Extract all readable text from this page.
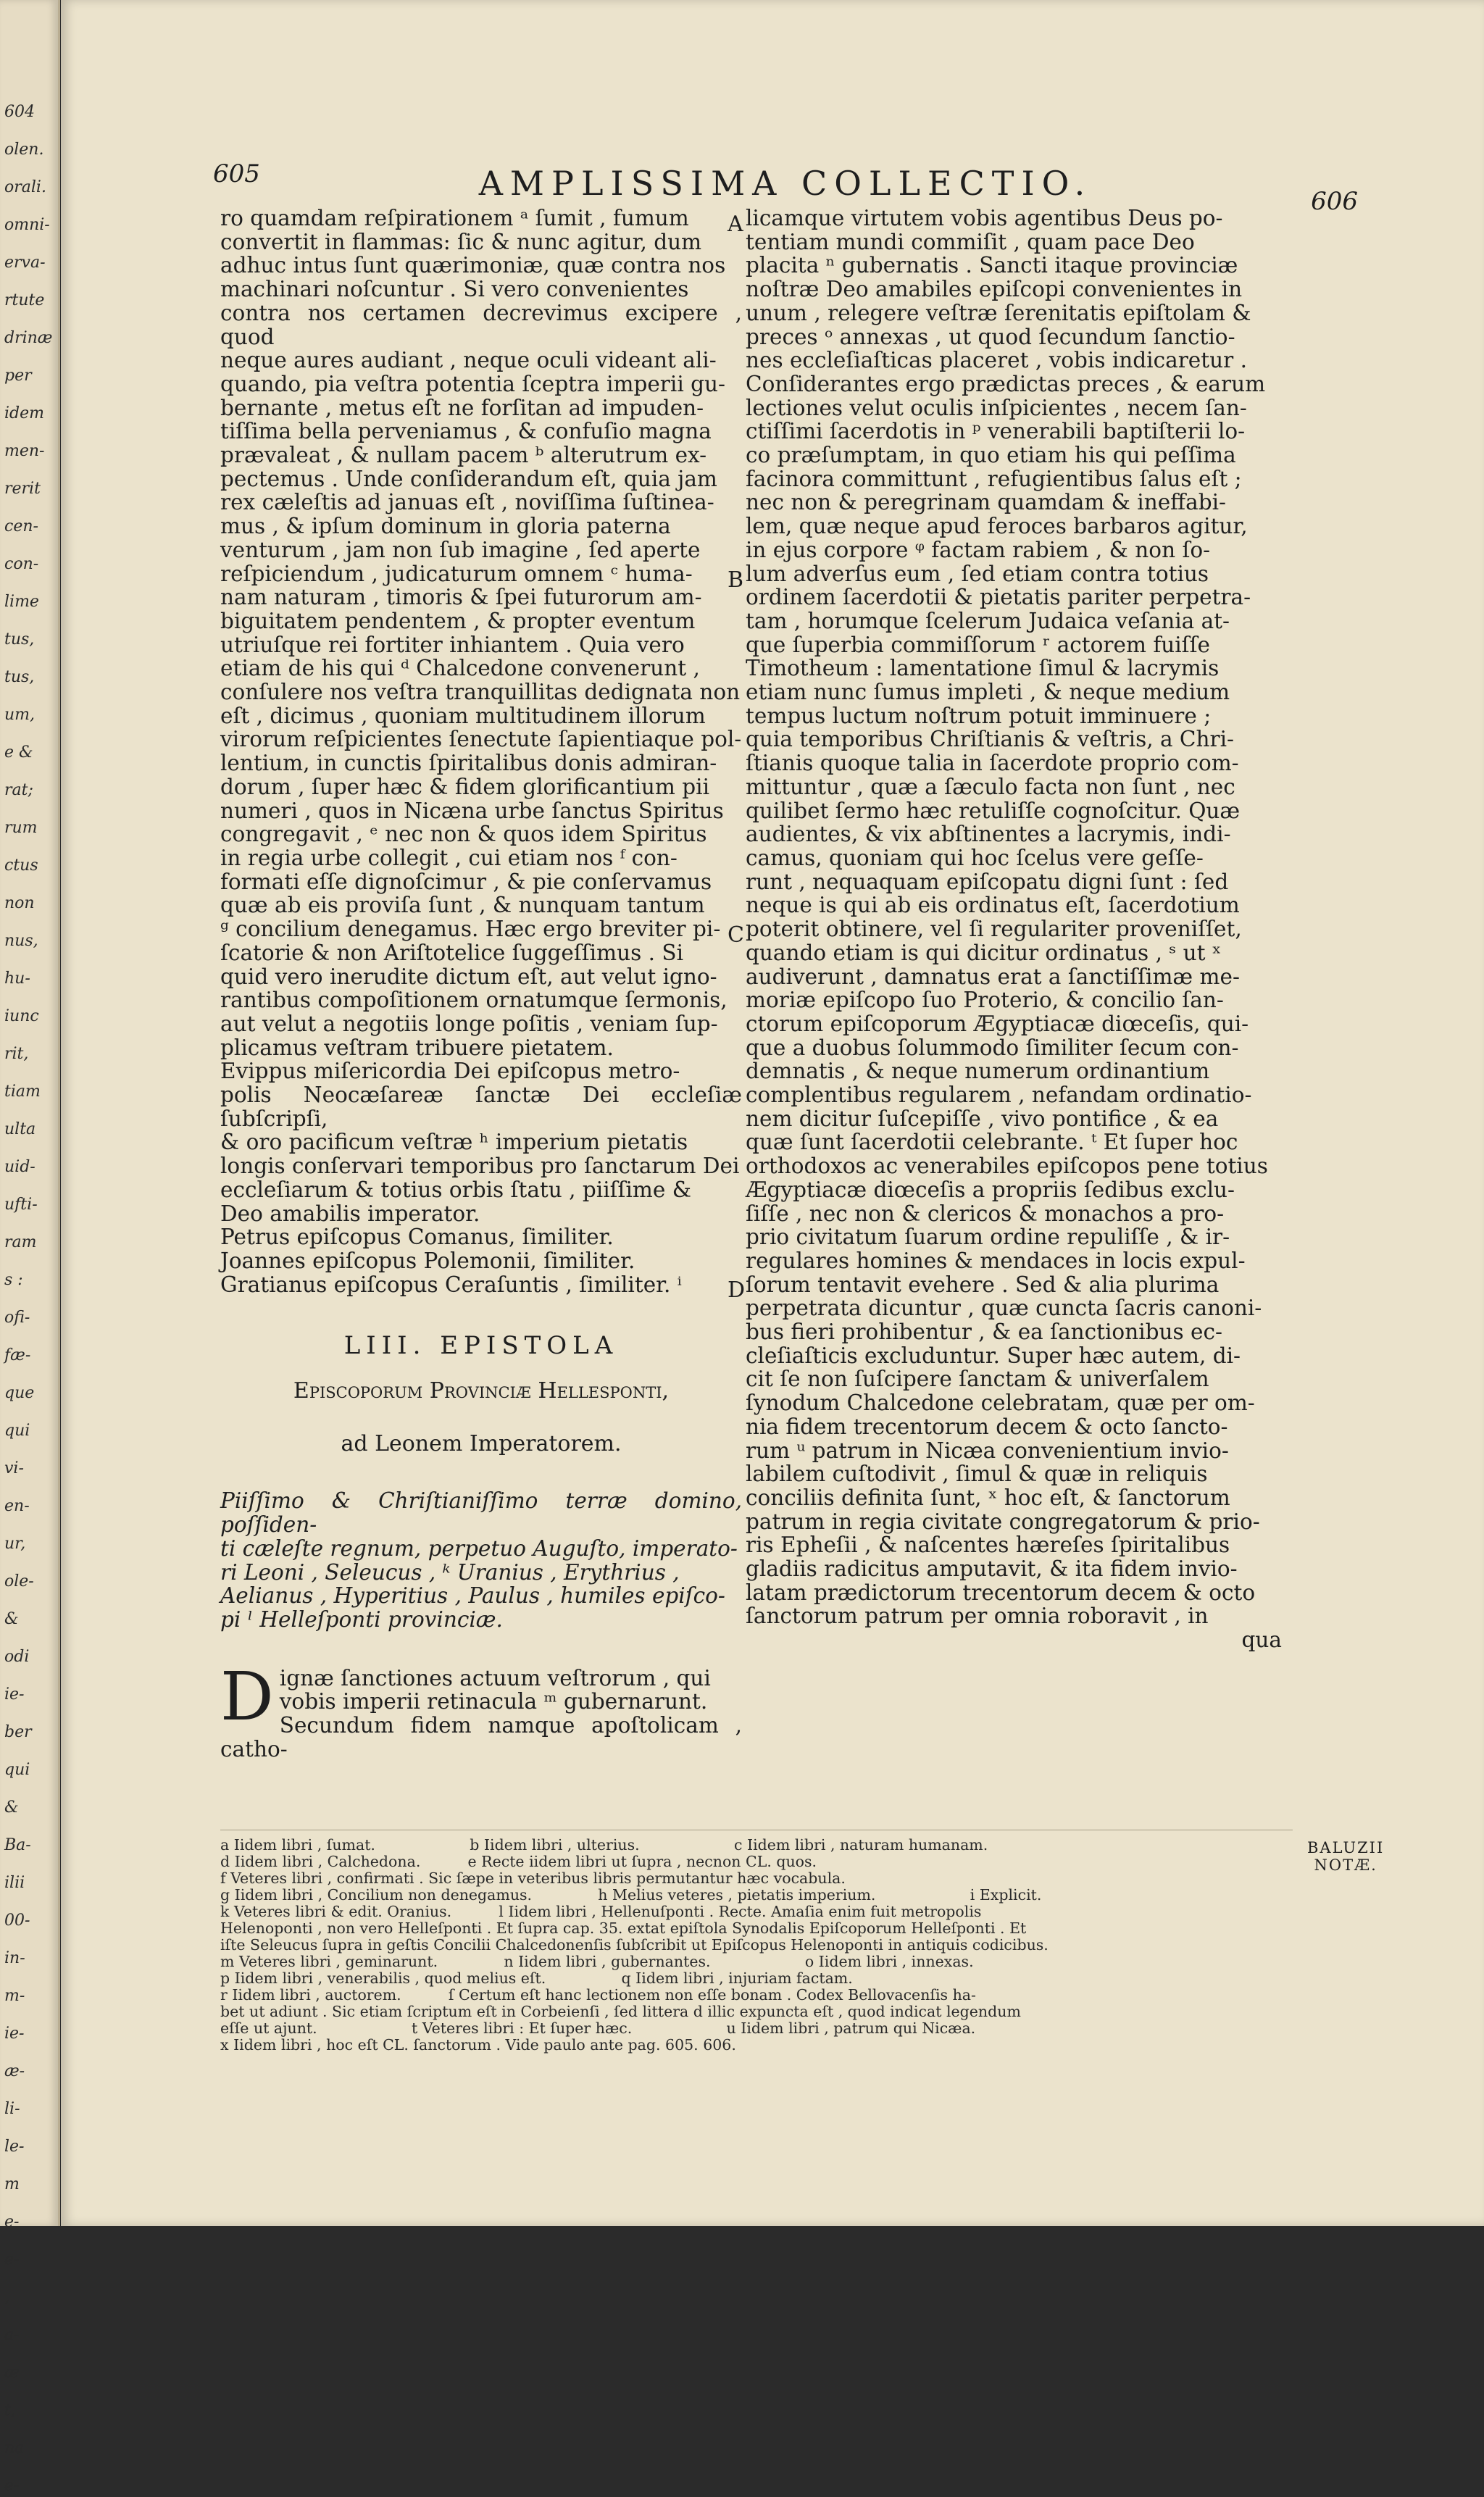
604

olen.

orali.

omni-

erva-

rtute

drinæ

per

idem

men-

rerit

cen-

con-

lime

tus,

tus,

um,

e &

rat;

rum

ctus

non

nus,

hu-

iunc

rit,

tiam

ulta

uid-

ufti-

ram

s :

ofi-

fæ-

que

qui

vi-

en-

ur,

ole-

&

odi

ie-

ber

qui

&

Ba-

ilii

00-

in-

m-

ie-

æ-

li-

le-

m

e-

e-

,

a-

æ

t,

na

e-

605	AMPLISSIMA COLLECTIO.	606

ro quamdam reſpirationem ᵃ ſumit , fumum

convertit in flammas: ſic & nunc agitur, dum

adhuc intus ſunt quærimoniæ, quæ contra nos

machinari noſcuntur . Si vero convenientes

contra nos certamen decrevimus excipere , quod

neque aures audiant , neque oculi videant ali-

quando, pia veſtra potentia ſceptra imperii gu-

bernante , metus eſt ne forſitan ad impuden-

tiſſima bella perveniamus , & confuſio magna

prævaleat , & nullam pacem ᵇ alterutrum ex-

pectemus . Unde conſiderandum eſt, quia jam

rex cæleſtis ad januas eſt , noviſſima ſuſtinea-

mus , & ipſum dominum in gloria paterna

venturum , jam non ſub imagine , ſed aperte

reſpiciendum , judicaturum omnem ᶜ huma-

nam naturam , timoris & ſpei futurorum am-

biguitatem pendentem , & propter eventum

utriuſque rei fortiter inhiantem . Quia vero

etiam de his qui ᵈ Chalcedone convenerunt ,

conſulere nos veſtra tranquillitas dedignata non

eſt , dicimus , quoniam multitudinem illorum

virorum reſpicientes ſenectute ſapientiaque pol-

lentium, in cunctis ſpiritalibus donis admiran-

dorum , ſuper hæc & fidem glorificantium pii

numeri , quos in Nicæna urbe ſanctus Spiritus

congregavit , ᵉ nec non & quos idem Spiritus

in regia urbe collegit , cui etiam nos ᶠ con-

formati eſſe dignoſcimur , & pie conſervamus

quæ ab eis proviſa ſunt , & nunquam tantum

ᵍ concilium denegamus. Hæc ergo breviter pi-

ſcatorie & non Ariſtotelice ſuggeſſimus . Si

quid vero ineruditе dictum eſt, aut velut igno-

rantibus compoſitionem ornatumque ſermonis,

aut velut a negotiis longe poſitis , veniam ſup-

plicamus veſtram tribuere pietatem.

Evippus miſericordia Dei epiſcopus metro-

polis Neocæſareæ ſanctæ Dei eccleſiæ ſubſcripſi,

& oro pacificum veſtræ ʰ imperium pietatis

longis conſervari temporibus pro ſanctarum Dei

eccleſiarum & totius orbis ſtatu , piiſſime &

Deo amabilis imperator.

Petrus epiſcopus Comanus, ſimiliter.

Joannes epiſcopus Polemonii, ſimiliter.

Gratianus epiſcopus Ceraſuntis , ſimiliter. ⁱ

LIII. EPISTOLA
Episcoporum Provinciæ Hellesponti,
ad Leonem Imperatorem.

Piiſſimo & Chriſtianiſſimo terræ domino, poſſiden-

ti cæleſte regnum, perpetuo Auguſto, imperato-

ri Leoni , Seleucus , ᵏ Uranius , Erythrius ,

Aelianus , Hyperitius , Paulus , humiles epiſco-

pi ˡ Helleſponti provinciæ.

D ignæ ſanctiones actuum veſtrorum , qui

vobis imperii retinacula ᵐ gubernarunt.

Secundum fidem namque apoſtolicam , catho-

A
B
C
D

licamque virtutem vobis agentibus Deus po-

tentiam mundi commiſit , quam pace Deo

placita ⁿ gubernatis . Sancti itaque provinciæ

noſtræ Deo amabiles epiſcopi convenientes in

unum , relegere veſtræ ſerenitatis epiſtolam &

preces ᵒ annexas , ut quod ſecundum ſanctio-

nes eccleſiaſticas placeret , vobis indicaretur .

Conſiderantes ergo prædictas preces , & earum

lectiones velut oculis inſpicientes , necem ſan-

ctiſſimi ſacerdotis in ᵖ venerabili baptiſterii lo-

co præſumptam, in quo etiam his qui peſſima

facinora committunt , refugientibus ſalus eſt ;

nec non & peregrinam quamdam & ineffabi-

lem, quæ neque apud feroces barbaros agitur,

in ejus corpore ᵠ factam rabiem , & non ſo-

lum adverſus eum , ſed etiam contra totius

ordinem ſacerdotii & pietatis pariter perpetra-

tam , horumque ſcelerum Judaica veſania at-

que ſuperbia commiſſorum ʳ actorem fuiſſe

Timotheum : lamentatione ſimul & lacrymis

etiam nunc ſumus impleti , & neque medium

tempus luctum noſtrum potuit imminuere ;

quia temporibus Chriſtianis & veſtris, a Chri-

ſtianis quoque talia in ſacerdote proprio com-

mittuntur , quæ a ſæculo facta non ſunt , nec

quilibet ſermo hæc retuliſſe cognoſcitur. Quæ

audientes, & vix abſtinentes a lacrymis, indi-

camus, quoniam qui hoc ſcelus vere geſſe-

runt , nequaquam epiſcopatu digni ſunt : ſed

neque is qui ab eis ordinatus eſt, ſacerdotium

poterit obtinere, vel ſi regulariter proveniſſet,

quando etiam is qui dicitur ordinatus , ˢ ut ˣ

audiverunt , damnatus erat a ſanctiſſimæ me-

moriæ epiſcopo ſuo Proterio, & concilio ſan-

ctorum epiſcoporum Ægyptiacæ diœceſis, qui-

que a duobus ſolummodo ſimiliter ſecum con-

demnatis , & neque numerum ordinantium

complentibus regularem , nefandam ordinatio-

nem dicitur ſuſcepiſſe , vivo pontifice , & ea

quæ ſunt ſacerdotii celebrante. ᵗ Et ſuper hoc

orthodoxos ac venerabiles epiſcopos pene totius

Ægyptiacæ diœceſis a propriis ſedibus exclu-

ſiſſe , nec non & clericos & monachos a pro-

prio civitatum ſuarum ordine repuliſſe , & ir-

regulares homines & mendaces in locis expul-

ſorum tentavit evehere . Sed & alia plurima

perpetrata dicuntur , quæ cuncta ſacris canoni-

bus fieri prohibentur , & ea ſanctionibus ec-

cleſiaſticis excluduntur. Super hæc autem, di-

cit ſe non ſuſcipere ſanctam & univerſalem

ſynodum Chalcedone celebratam, quæ per om-

nia fidem trecentorum decem & octo ſancto-

rum ᵘ patrum in Nicæa convenientium inviо-

labilem cuſtodivit , ſimul & quæ in reliquis

conciliis definita ſunt, ˣ hoc eſt, & ſanctorum

patrum in regia civitate congregatorum & prio-

ris Epheſii , & naſcentes hæreſes ſpiritalibus

gladiis radicitus amputavit, & ita fidem invio-

latam prædictorum trecentorum decem & octo

ſanctorum patrum per omnia roboravit , in

qua

a Iidem libri , ſumat.                    b Iidem libri , ulterius.                    c Iidem libri , naturam humanam.

d Iidem libri , Calchedona.          e Recte iidem libri ut ſupra , necnon CL. quos.

f Veteres libri , confirmati . Sic ſæpe in veteribus libris permutantur hæc vocabula.

g Iidem libri , Concilium non denegamus.              h Melius veteres , pietatis imperium.                    i Explicit.

k Veteres libri & edit. Oranius.          l Iidem libri , Hellenuſponti . Recte. Amaſia enim fuit metropolis

Helenoponti , non vero Helleſponti . Et ſupra cap. 35. extat epiſtola Synodalis Epiſcoporum Helleſponti . Et

iſte Seleucus ſupra in geſtis Concilii Chalcedonenſis ſubſcribit ut Epiſcopus Helenoponti in antiquis codicibus.

m Veteres libri , geminarunt.              n Iidem libri , gubernantes.                    o Iidem libri , innexas.

p Iidem libri , venerabilis , quod melius eſt.                q Iidem libri , injuriam factam.

r Iidem libri , auctorem.          ſ Certum eſt hanc lectionem non eſſe bonam . Codex Bellovacenſis ha-

bet ut adiunt . Sic etiam ſcriptum eſt in Corbeienſi , ſed littera d illic expuncta eſt , quod indicat legendum

eſſe ut ajunt.                    t Veteres libri : Et ſuper hæc.                    u Iidem libri , patrum qui Nicæa.

x Iidem libri , hoc eſt CL. ſanctorum . Vide paulo ante pag. 605. 606.

BALUZII
NOTÆ.
